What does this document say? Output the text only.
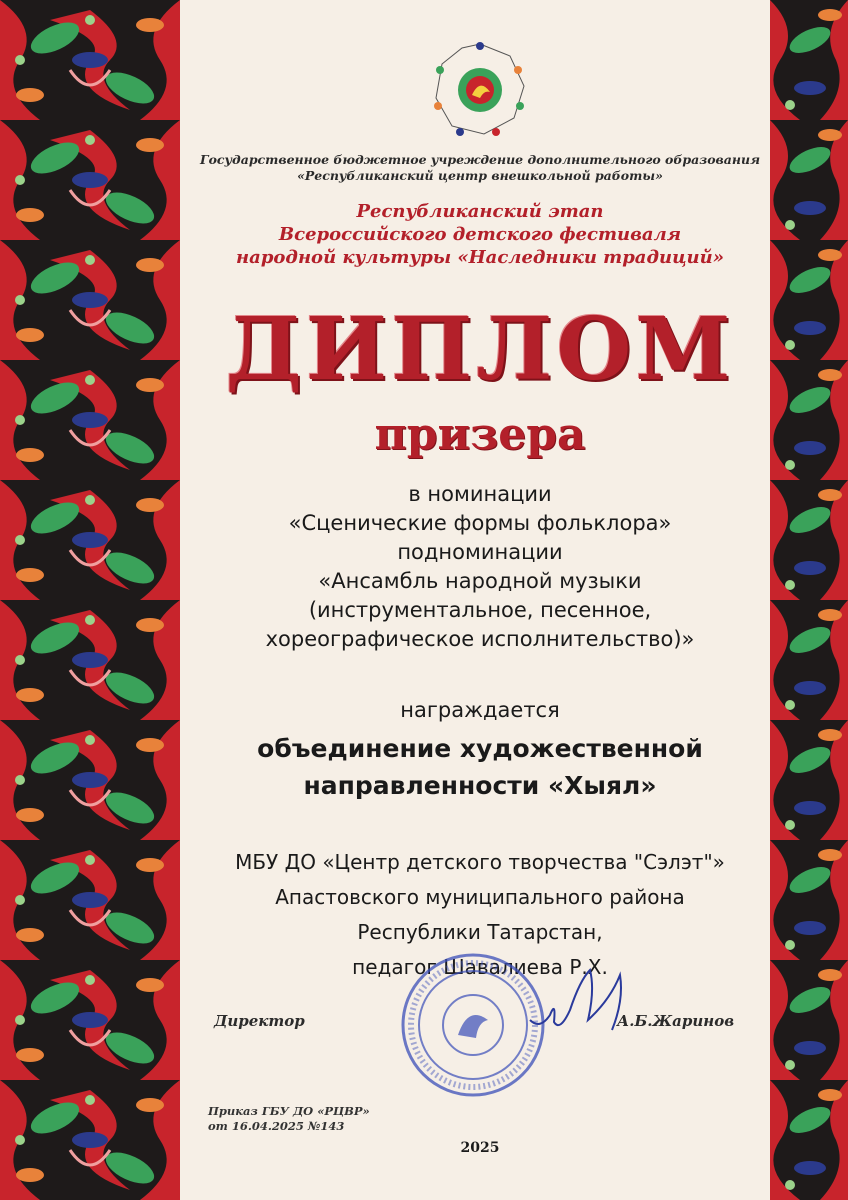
Государственное бюджетное учреждение дополнительного образования
«Республиканский центр внешкольной работы»
Республиканский этап
Всероссийского детского фестиваля
народной культуры «Наследники традиций»
ДИПЛОМ
призера
в номинации
«Сценические формы фольклора»
подноминации
«Ансамбль народной музыки
(инструментальное, песенное,
хореографическое исполнительство)»
награждается
объединение художественной
направленности «Хыял»
МБУ ДО «Центр детского творчества "Сэлэт"»
Апастовского муниципального района
Республики Татарстан,
педагог Шавалиева Р.Х.
Директор	А.Б.Жаринов
Приказ ГБУ ДО «РЦВР»
от 16.04.2025 №143
2025
